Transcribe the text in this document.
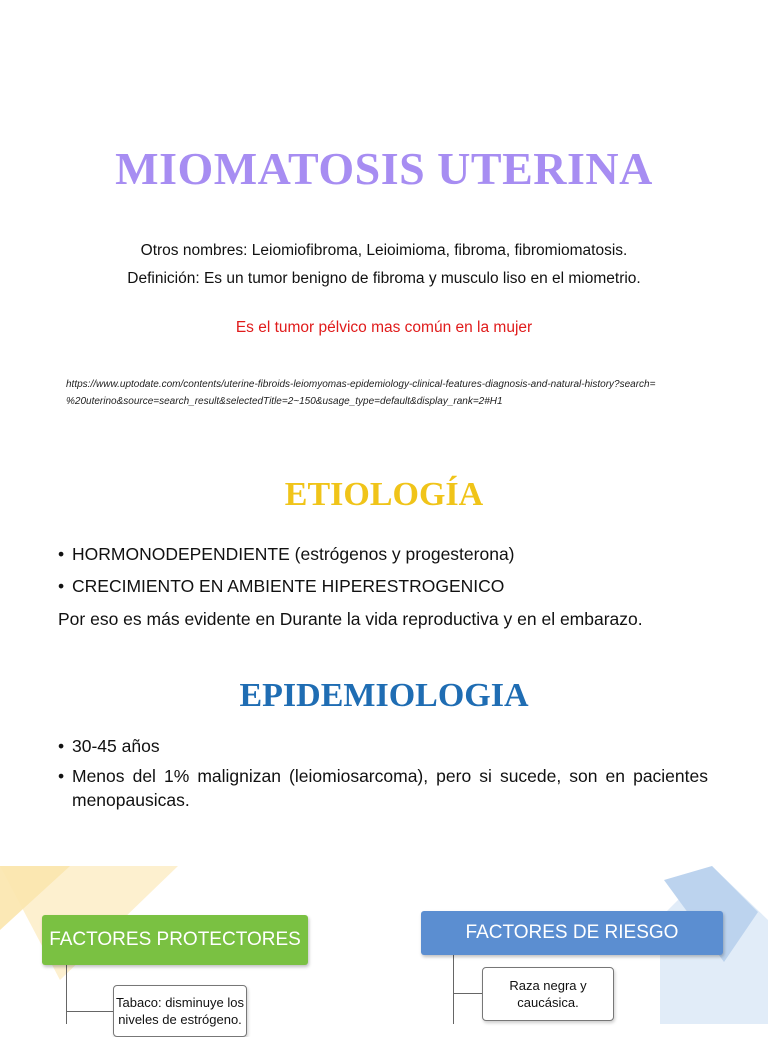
MIOMATOSIS UTERINA
Otros nombres: Leiomiofibroma, Leioimioma, fibroma, fibromiomatosis.
Definición: Es un tumor benigno de fibroma y musculo liso en el miometrio.
Es el tumor pélvico mas común en la mujer
https://www.uptodate.com/contents/uterine-fibroids-leiomyomas-epidemiology-clinical-features-diagnosis-and-natural-history?search=
%20uterino&source=search_result&selectedTitle=2~150&usage_type=default&display_rank=2#H1
ETIOLOGÍA
• HORMONODEPENDIENTE (estrógenos y progesterona)
• CRECIMIENTO EN AMBIENTE HIPERESTROGENICO
Por eso es más evidente en Durante la vida reproductiva y en el embarazo.
EPIDEMIOLOGIA
• 30-45 años
• Menos del 1% malignizan (leiomiosarcoma), pero si sucede, son en pacientes menopausicas.
FACTORES PROTECTORES	FACTORES DE RIESGO
Tabaco: disminuye los niveles de estrógeno.
Raza negra y caucásica.
